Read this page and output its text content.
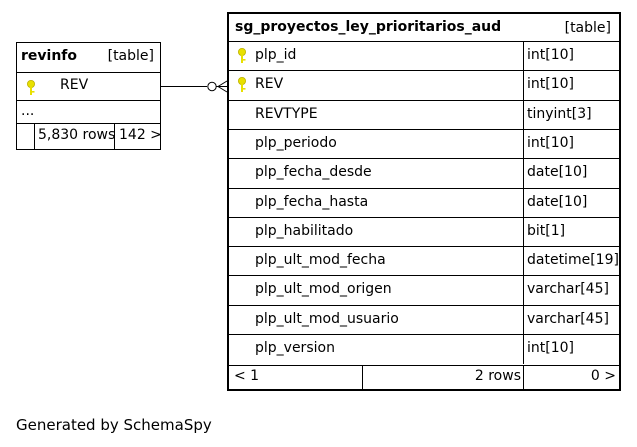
revinfo [table]
REV
...
5,830 rows 142 >
sg_proyectos_ley_prioritarios_aud	[table]
plp_id	int[10]
REV	int[10]
REVTYPE	tinyint[3]
plp_periodo	int[10]
plp_fecha_desde	date[10]
plp_fecha_hasta	date[10]
plp_habilitado	bit[1]
plp_ult_mod_fecha	datetime[19]
plp_ult_mod_origen	varchar[45]
plp_ult_mod_usuario	varchar[45]
plp_version	int[10]
< 1	2 rows	0 >
Generated by SchemaSpy
